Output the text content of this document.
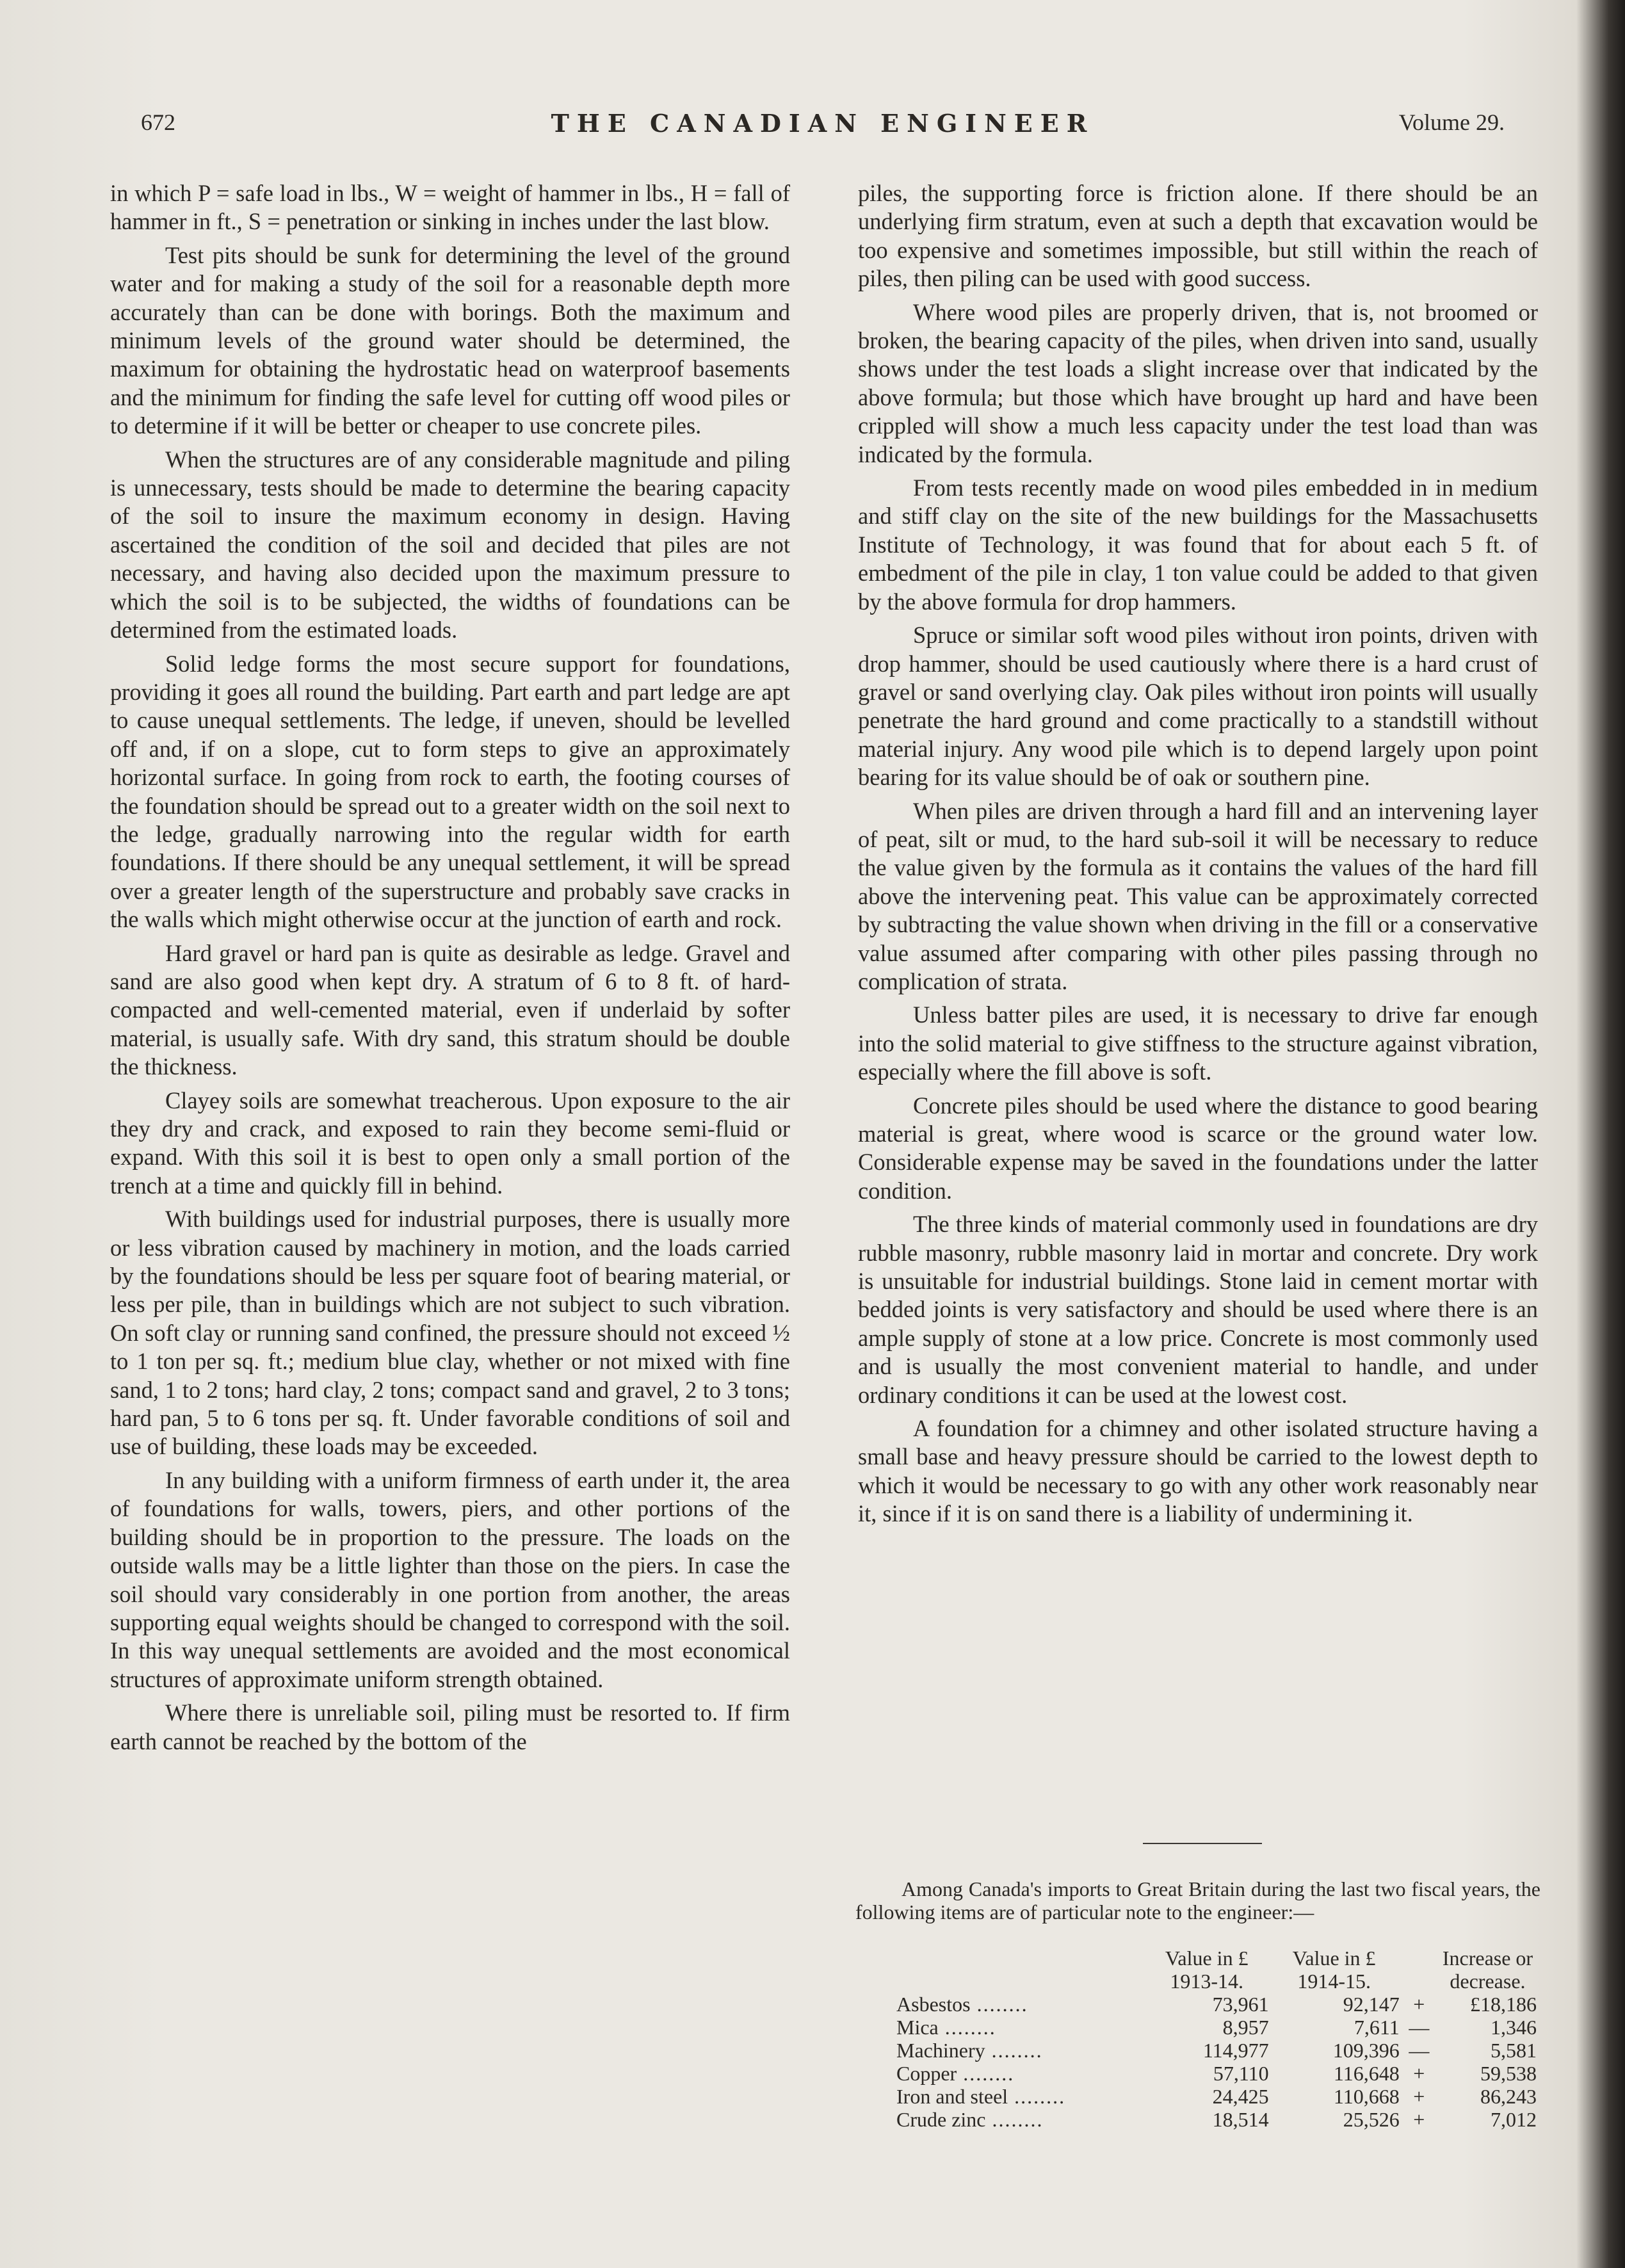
672	THE CANADIAN ENGINEER	Volume 29.

in which P = safe load in lbs., W = weight of hammer in lbs., H = fall of hammer in ft., S = penetration or sinking in inches under the last blow.

Test pits should be sunk for determining the level of the ground water and for making a study of the soil for a reasonable depth more accurately than can be done with borings. Both the maximum and minimum levels of the ground water should be determined, the maximum for obtaining the hydrostatic head on waterproof basements and the minimum for finding the safe level for cutting off wood piles or to determine if it will be better or cheaper to use concrete piles.

When the structures are of any considerable magnitude and piling is unnecessary, tests should be made to determine the bearing capacity of the soil to insure the maximum economy in design. Having ascertained the condition of the soil and decided that piles are not necessary, and having also decided upon the maximum pressure to which the soil is to be subjected, the widths of foundations can be determined from the estimated loads.

Solid ledge forms the most secure support for foundations, providing it goes all round the building. Part earth and part ledge are apt to cause unequal settlements. The ledge, if uneven, should be levelled off and, if on a slope, cut to form steps to give an approximately horizontal surface. In going from rock to earth, the footing courses of the foundation should be spread out to a greater width on the soil next to the ledge, gradually narrowing into the regular width for earth foundations. If there should be any unequal settlement, it will be spread over a greater length of the superstructure and probably save cracks in the walls which might otherwise occur at the junction of earth and rock.

Hard gravel or hard pan is quite as desirable as ledge. Gravel and sand are also good when kept dry. A stratum of 6 to 8 ft. of hard-compacted and well-cemented material, even if underlaid by softer material, is usually safe. With dry sand, this stratum should be double the thickness.

Clayey soils are somewhat treacherous. Upon exposure to the air they dry and crack, and exposed to rain they become semi-fluid or expand. With this soil it is best to open only a small portion of the trench at a time and quickly fill in behind.

With buildings used for industrial purposes, there is usually more or less vibration caused by machinery in motion, and the loads carried by the foundations should be less per square foot of bearing material, or less per pile, than in buildings which are not subject to such vibration. On soft clay or running sand confined, the pressure should not exceed ½ to 1 ton per sq. ft.; medium blue clay, whether or not mixed with fine sand, 1 to 2 tons; hard clay, 2 tons; compact sand and gravel, 2 to 3 tons; hard pan, 5 to 6 tons per sq. ft. Under favorable conditions of soil and use of building, these loads may be exceeded.

In any building with a uniform firmness of earth under it, the area of foundations for walls, towers, piers, and other portions of the building should be in proportion to the pressure. The loads on the outside walls may be a little lighter than those on the piers. In case the soil should vary considerably in one portion from another, the areas supporting equal weights should be changed to correspond with the soil. In this way unequal settlements are avoided and the most economical structures of approximate uniform strength obtained.

Where there is unreliable soil, piling must be resorted to. If firm earth cannot be reached by the bottom of the

piles, the supporting force is friction alone. If there should be an underlying firm stratum, even at such a depth that excavation would be too expensive and sometimes impossible, but still within the reach of piles, then piling can be used with good success.

Where wood piles are properly driven, that is, not broomed or broken, the bearing capacity of the piles, when driven into sand, usually shows under the test loads a slight increase over that indicated by the above formula; but those which have brought up hard and have been crippled will show a much less capacity under the test load than was indicated by the formula.

From tests recently made on wood piles embedded in in medium and stiff clay on the site of the new buildings for the Massachusetts Institute of Technology, it was found that for about each 5 ft. of embedment of the pile in clay, 1 ton value could be added to that given by the above formula for drop hammers.

Spruce or similar soft wood piles without iron points, driven with drop hammer, should be used cautiously where there is a hard crust of gravel or sand overlying clay. Oak piles without iron points will usually penetrate the hard ground and come practically to a standstill without material injury. Any wood pile which is to depend largely upon point bearing for its value should be of oak or southern pine.

When piles are driven through a hard fill and an intervening layer of peat, silt or mud, to the hard sub-soil it will be necessary to reduce the value given by the formula as it contains the values of the hard fill above the intervening peat. This value can be approximately corrected by subtracting the value shown when driving in the fill or a conservative value assumed after comparing with other piles passing through no complication of strata.

Unless batter piles are used, it is necessary to drive far enough into the solid material to give stiffness to the structure against vibration, especially where the fill above is soft.

Concrete piles should be used where the distance to good bearing material is great, where wood is scarce or the ground water low. Considerable expense may be saved in the foundations under the latter condition.

The three kinds of material commonly used in foundations are dry rubble masonry, rubble masonry laid in mortar and concrete. Dry work is unsuitable for industrial buildings. Stone laid in cement mortar with bedded joints is very satisfactory and should be used where there is an ample supply of stone at a low price. Concrete is most commonly used and is usually the most convenient material to handle, and under ordinary conditions it can be used at the lowest cost.

A foundation for a chimney and other isolated structure having a small base and heavy pressure should be carried to the lowest depth to which it would be necessary to go with any other work reasonably near it, since if it is on sand there is a liability of undermining it.

Among Canada's imports to Great Britain during the last two fiscal years, the following items are of particular note to the engineer:—

	Value in £ 1913-14.	Value in £ 1914-15.		Increase or decrease.
Asbestos ........	73,961	92,147	+	£18,186
Mica ........	8,957	7,611	—	1,346
Machinery ........	114,977	109,396	—	5,581
Copper ........	57,110	116,648	+	59,538
Iron and steel ........	24,425	110,668	+	86,243
Crude zinc ........	18,514	25,526	+	7,012
